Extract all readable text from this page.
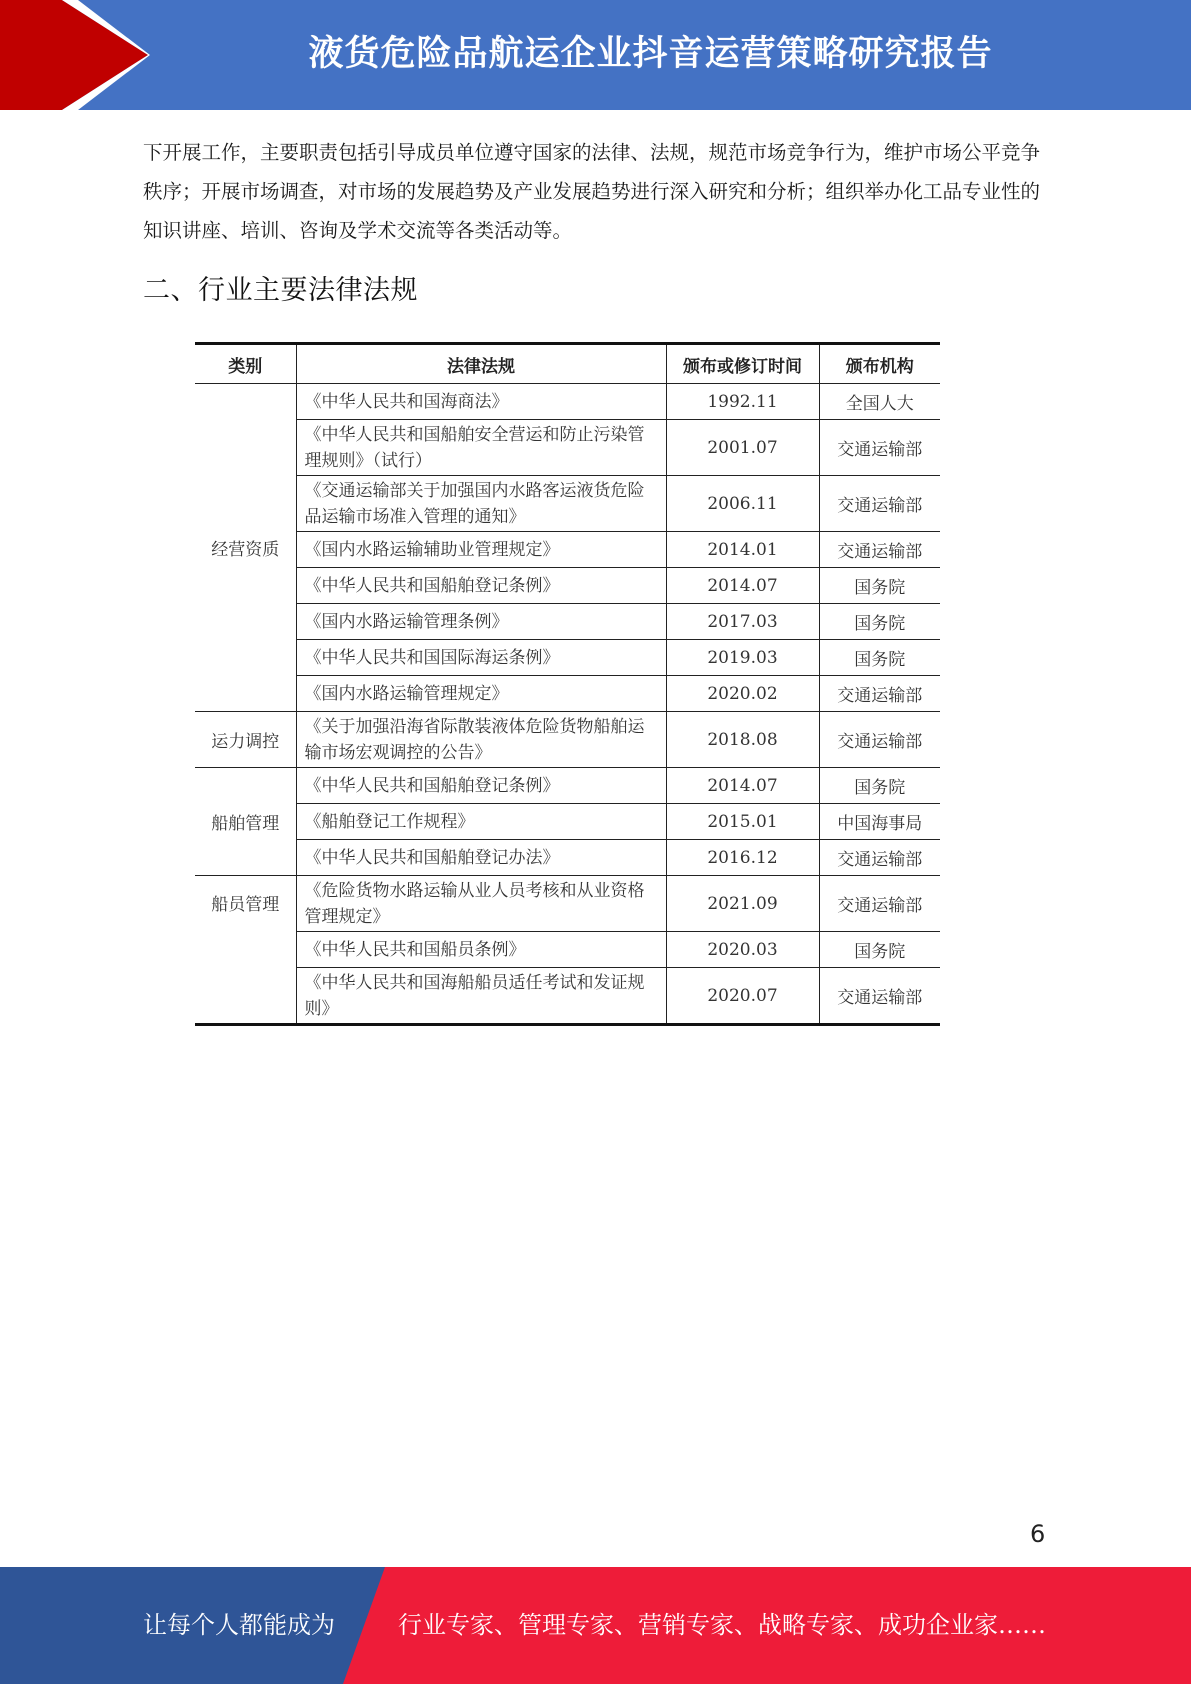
液货危险品航运企业抖音运营策略研究报告
下开展工作，主要职责包括引导成员单位遵守国家的法律、法规，规范市场竞争行为，维护市场公平竞争秩序；开展市场调查，对市场的发展趋势及产业发展趋势进行深入研究和分析；组织举办化工品专业性的知识讲座、培训、咨询及学术交流等各类活动等。
二、行业主要法律法规
类别	法律法规	颁布或修订时间	颁布机构
经营资质	《中华人民共和国海商法》	1992.11	全国人大
	《中华人民共和国船舶安全营运和防止污染管理规则》（试行）	2001.07	交通运输部
	《交通运输部关于加强国内水路客运液货危险品运输市场准入管理的通知》	2006.11	交通运输部
	《国内水路运输辅助业管理规定》	2014.01	交通运输部
	《中华人民共和国船舶登记条例》	2014.07	国务院
	《国内水路运输管理条例》	2017.03	国务院
	《中华人民共和国国际海运条例》	2019.03	国务院
	《国内水路运输管理规定》	2020.02	交通运输部
运力调控	《关于加强沿海省际散装液体危险货物船舶运输市场宏观调控的公告》	2018.08	交通运输部
船舶管理	《中华人民共和国船舶登记条例》	2014.07	国务院
	《船舶登记工作规程》	2015.01	中国海事局
	《中华人民共和国船舶登记办法》	2016.12	交通运输部
船员管理	《危险货物水路运输从业人员考核和从业资格管理规定》	2021.09	交通运输部
	《中华人民共和国船员条例》	2020.03	国务院
	《中华人民共和国海船船员适任考试和发证规则》	2020.07	交通运输部
6
让每个人都能成为	行业专家、管理专家、营销专家、战略专家、成功企业家……
